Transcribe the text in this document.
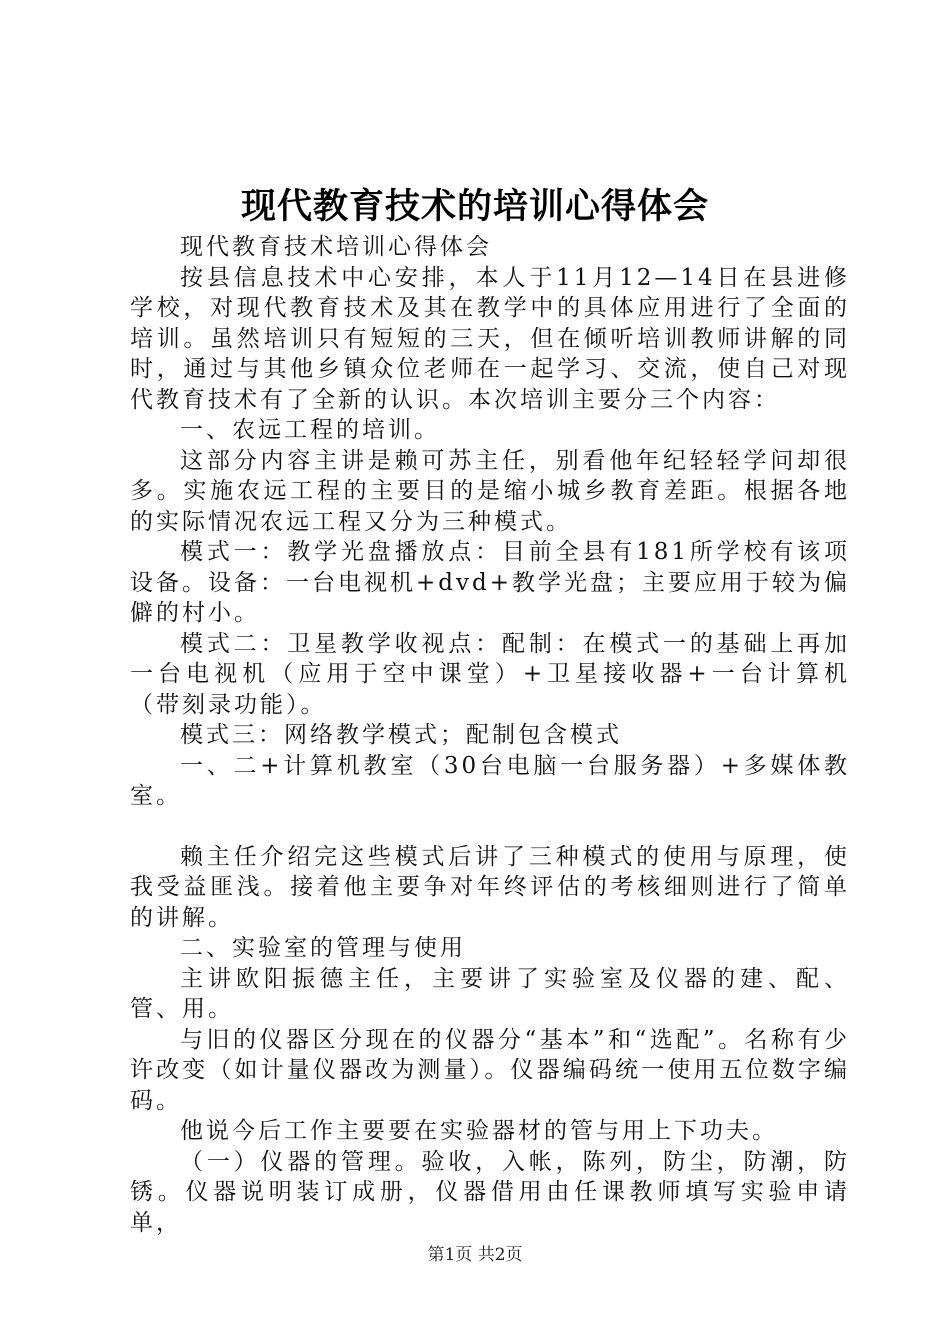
现代教育技术的培训心得体会

现代教育技术培训心得体会

按县信息技术中心安排，本人于11月12—14日在县进修学校，对现代教育技术及其在教学中的具体应用进行了全面的培训。虽然培训只有短短的三天，但在倾听培训教师讲解的同时，通过与其他乡镇众位老师在一起学习、交流，使自己对现代教育技术有了全新的认识。本次培训主要分三个内容：

一、农远工程的培训。

这部分内容主讲是赖可苏主任，别看他年纪轻轻学问却很多。实施农远工程的主要目的是缩小城乡教育差距。根据各地的实际情况农远工程又分为三种模式。

模式一：教学光盘播放点：目前全县有181所学校有该项设备。设备：一台电视机+dvd+教学光盘；主要应用于较为偏僻的村小。

模式二：卫星教学收视点：配制：在模式一的基础上再加一台电视机（应用于空中课堂）+卫星接收器+一台计算机（带刻录功能）。

模式三：网络教学模式；配制包含模式

一、二+计算机教室（30台电脑一台服务器）+多媒体教室。

赖主任介绍完这些模式后讲了三种模式的使用与原理，使我受益匪浅。接着他主要争对年终评估的考核细则进行了简单的讲解。

二、实验室的管理与使用

主讲欧阳振德主任，主要讲了实验室及仪器的建、配、管、用。

与旧的仪器区分现在的仪器分“基本”和“选配”。名称有少许改变（如计量仪器改为测量）。仪器编码统一使用五位数字编码。

他说今后工作主要要在实验器材的管与用上下功夫。

（一）仪器的管理。验收，入帐，陈列，防尘，防潮，防锈。仪器说明装订成册，仪器借用由任课教师填写实验申请单，

第1页 共2页
